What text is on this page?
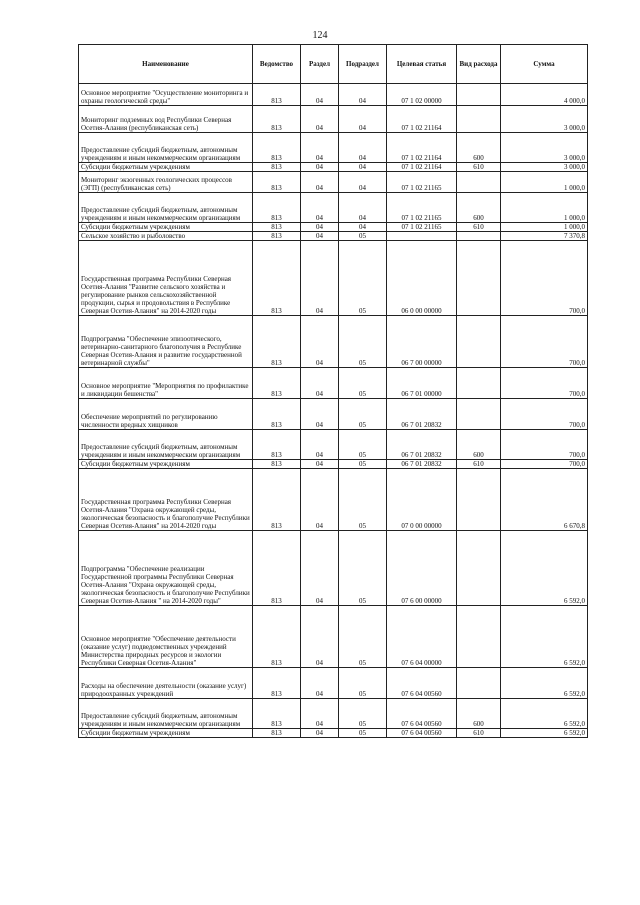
124
Наименование	Ведомство	Раздел	Подраздел	Целевая статья	Вид расхода	Сумма
Основное мероприятие "Осуществление мониторинга и охраны геологической среды"	813	04	04	07 1 02 00000		4 000,0
Мониторинг подземных вод Республики Северная Осетия-Алания (республиканская сеть)	813	04	04	07 1 02 21164		3 000,0
Предоставление субсидий бюджетным, автономным учреждениям и иным некоммерческим организациям	813	04	04	07 1 02 21164	600	3 000,0
Субсидии бюджетным учреждениям	813	04	04	07 1 02 21164	610	3 000,0
Мониторинг экзогенных геологических процессов (ЭГП) (республиканская сеть)	813	04	04	07 1 02 21165		1 000,0
Предоставление субсидий бюджетным, автономным учреждениям и иным некоммерческим организациям	813	04	04	07 1 02 21165	600	1 000,0
Субсидии бюджетным учреждениям	813	04	04	07 1 02 21165	610	1 000,0
Сельское хозяйство и рыболовство	813	04	05			7 370,8
Государственная программа Республики Северная Осетия-Алания "Развитие сельского хозяйства и регулирование рынков сельскохозяйственной продукции, сырья и продовольствия в Республике Северная Осетия-Алания" на 2014-2020 годы	813	04	05	06 0 00 00000		700,0
Подпрограмма "Обеспечение эпизоотического, ветеринарно-санитарного благополучия в Республике Северная Осетия-Алания и развитие государственной ветеринарной службы"	813	04	05	06 7 00 00000		700,0
Основное мероприятие "Мероприятия по профилактике и ликвидации бешенства"	813	04	05	06 7 01 00000		700,0
Обеспечение мероприятий по регулированию численности вредных хищников	813	04	05	06 7 01 20832		700,0
Предоставление субсидий бюджетным, автономным учреждениям и иным некоммерческим организациям	813	04	05	06 7 01 20832	600	700,0
Субсидии бюджетным учреждениям	813	04	05	06 7 01 20832	610	700,0
Государственная программа Республики Северная Осетия-Алания "Охрана окружающей среды, экологическая безопасность и благополучие Республики Северная Осетия-Алания" на 2014-2020 годы	813	04	05	07 0 00 00000		6 670,8
Подпрограмма "Обеспечение реализации Государственной программы Республики Северная Осетия-Алания "Охрана окружающей среды, экологическая безопасность и благополучие Республики Северная Осетия-Алания " на 2014-2020 годы"	813	04	05	07 6 00 00000		6 592,0
Основное мероприятие "Обеспечение деятельности (оказание услуг) подведомственных учреждений Министерства природных ресурсов и экологии Республики Северная Осетия-Алания"	813	04	05	07 6 04 00000		6 592,0
Расходы на обеспечение деятельности (оказание услуг) природоохранных учреждений	813	04	05	07 6 04 00560		6 592,0
Предоставление субсидий бюджетным, автономным учреждениям и иным некоммерческим организациям	813	04	05	07 6 04 00560	600	6 592,0
Субсидии бюджетным учреждениям	813	04	05	07 6 04 00560	610	6 592,0
